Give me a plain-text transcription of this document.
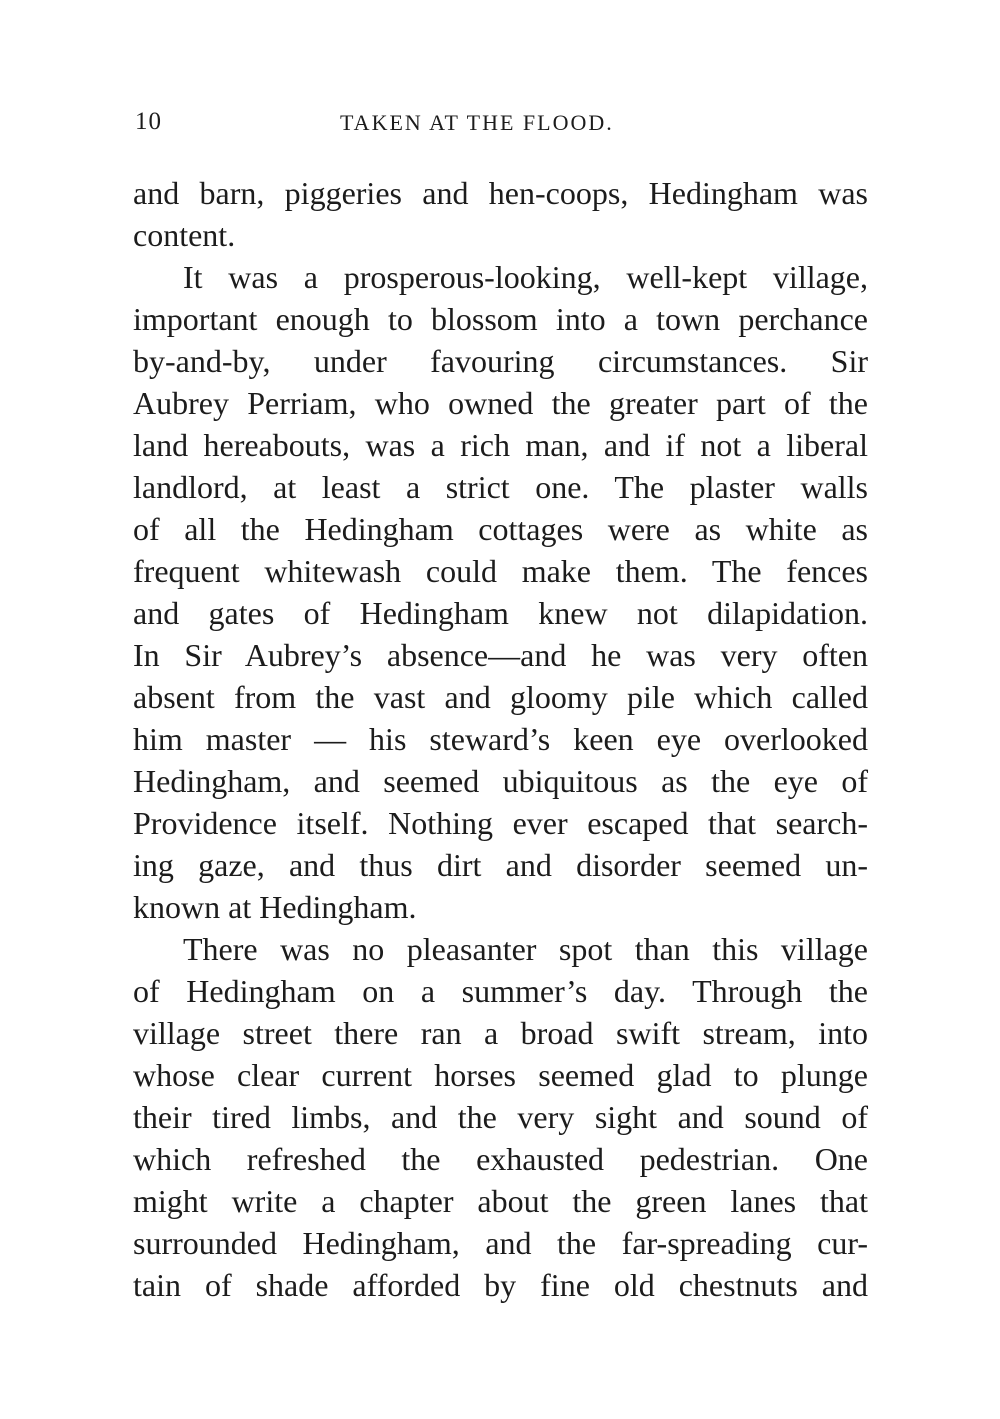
10	TAKEN AT THE FLOOD.
and barn, piggeries and hen-coops, Hedingham was
content.
It was a prosperous-looking, well-kept village,
important enough to blossom into a town perchance
by-and-by, under favouring circumstances. Sir
Aubrey Perriam, who owned the greater part of the
land hereabouts, was a rich man, and if not a liberal
landlord, at least a strict one. The plaster walls
of all the Hedingham cottages were as white as
frequent whitewash could make them. The fences
and gates of Hedingham knew not dilapidation.
In Sir Aubrey’s absence—and he was very often
absent from the vast and gloomy pile which called
him master — his steward’s keen eye overlooked
Hedingham, and seemed ubiquitous as the eye of
Providence itself. Nothing ever escaped that search-
ing gaze, and thus dirt and disorder seemed un-
known at Hedingham.
There was no pleasanter spot than this village
of Hedingham on a summer’s day. Through the
village street there ran a broad swift stream, into
whose clear current horses seemed glad to plunge
their tired limbs, and the very sight and sound of
which refreshed the exhausted pedestrian. One
might write a chapter about the green lanes that
surrounded Hedingham, and the far-spreading cur-
tain of shade afforded by fine old chestnuts and
